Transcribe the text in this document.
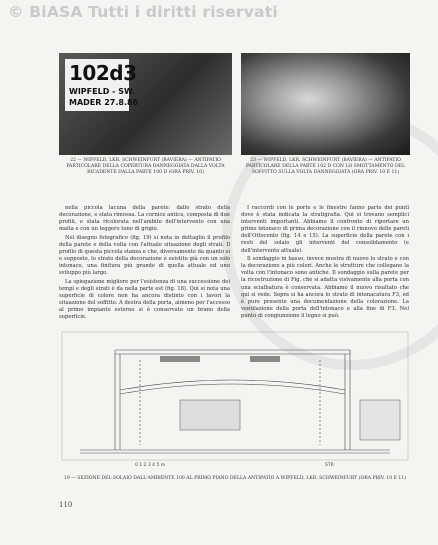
© BiASA Tutti i diritti riservati
102d3
WIPFELD - SW.
MADER 27.8.86
22 — WIPFELD, LKR. SCHWEINFURT (BAVIERA) — ANTIPATIO PARTICOLARE DELLA COPERTURA DANNEGGIATA DALLA VOLTA RICADENTE DALLA PARTE 100 D (ORA PRIV. 10)
23 — WIPFELD, LKR. SCHWEINFURT (BAVIERA) — ANTIPATIO PARTICOLARE DELLA PARTE 102 D CON LO SMOTTAMENTO DEL SOFFITTO SULLA VOLTA DANNEGGIATA (ORA PRIV. 10 E 11)

nella piccola lacuna della parete: dallo strato della decorazione, e stata rimossa. La cornice antica, composta di due profili, e stata ricolorata nell'ambito dell'intervento con una malta e con un leggero tono di grigio.

Nel disegno fotografico (fig. 19) si nota in dettaglio il profilo della parete e della volta con l'attuale situazione degli strati. Il profilo di questa piccola stanza e che, diversamente da quanto si e supposto, lo strato della decorazione è esistito già con un solo intonaco, una finitura più grande di quella attuale ed uno sviluppo più largo.

La spiegazione migliore per l'esistenza di una successione dei tempi e degli strati è da nella parte est (fig. 18). Qui si nota una superficie di colore non ha ancora distinto con i lavori la situazione del soffitto. A destra della porta, almeno per l'accesso al primo impianto esterno si è conservato un brano della superficie.

I raccordi con le porte e le finestre fanno parte dei punti dove è stata indicata la stratigrafia. Qui si trovano semplici interventi importanti. Abbiamo il confronto di riportare un primo intonaco di prima decorazione con il rinnovo delle pareti dell'Ottocento (fig. 14 e 15). La superficie della parete con i resti del solaio gli interventi del consolidamento (e dell'intervento attuale).

Il sondaggio in basso, invece mostra di nuovo lo strato e con la decorazione a più colori. Anche le strutture che collegano la volta con l'intonaco sono antiche. Il sondaggio sulla parete per la ricostruzione di Fig. che si adatta visivamente alla porta con una scialbatura è conservata. Abbiamo il nuovo risultato che qui si vede. Sopra si ha ancora lo strato di intonacatura F3, ed è pure presente una documentazione della colorazione. La ventilazione della porta dell'intonaco e alla fine di F3. Nel punto di congiunzione il legno si può.

0 1 2 3 4 5 m	STR
19 — SEZIONE DEL SOLAIO DALL'AMBIENTE 100 AL PRIMO PIANO DELLA ANTIPATIO A WIPFELD, LKR. SCHWEINFURT (ORA PRIV. 10 E 11)
110
